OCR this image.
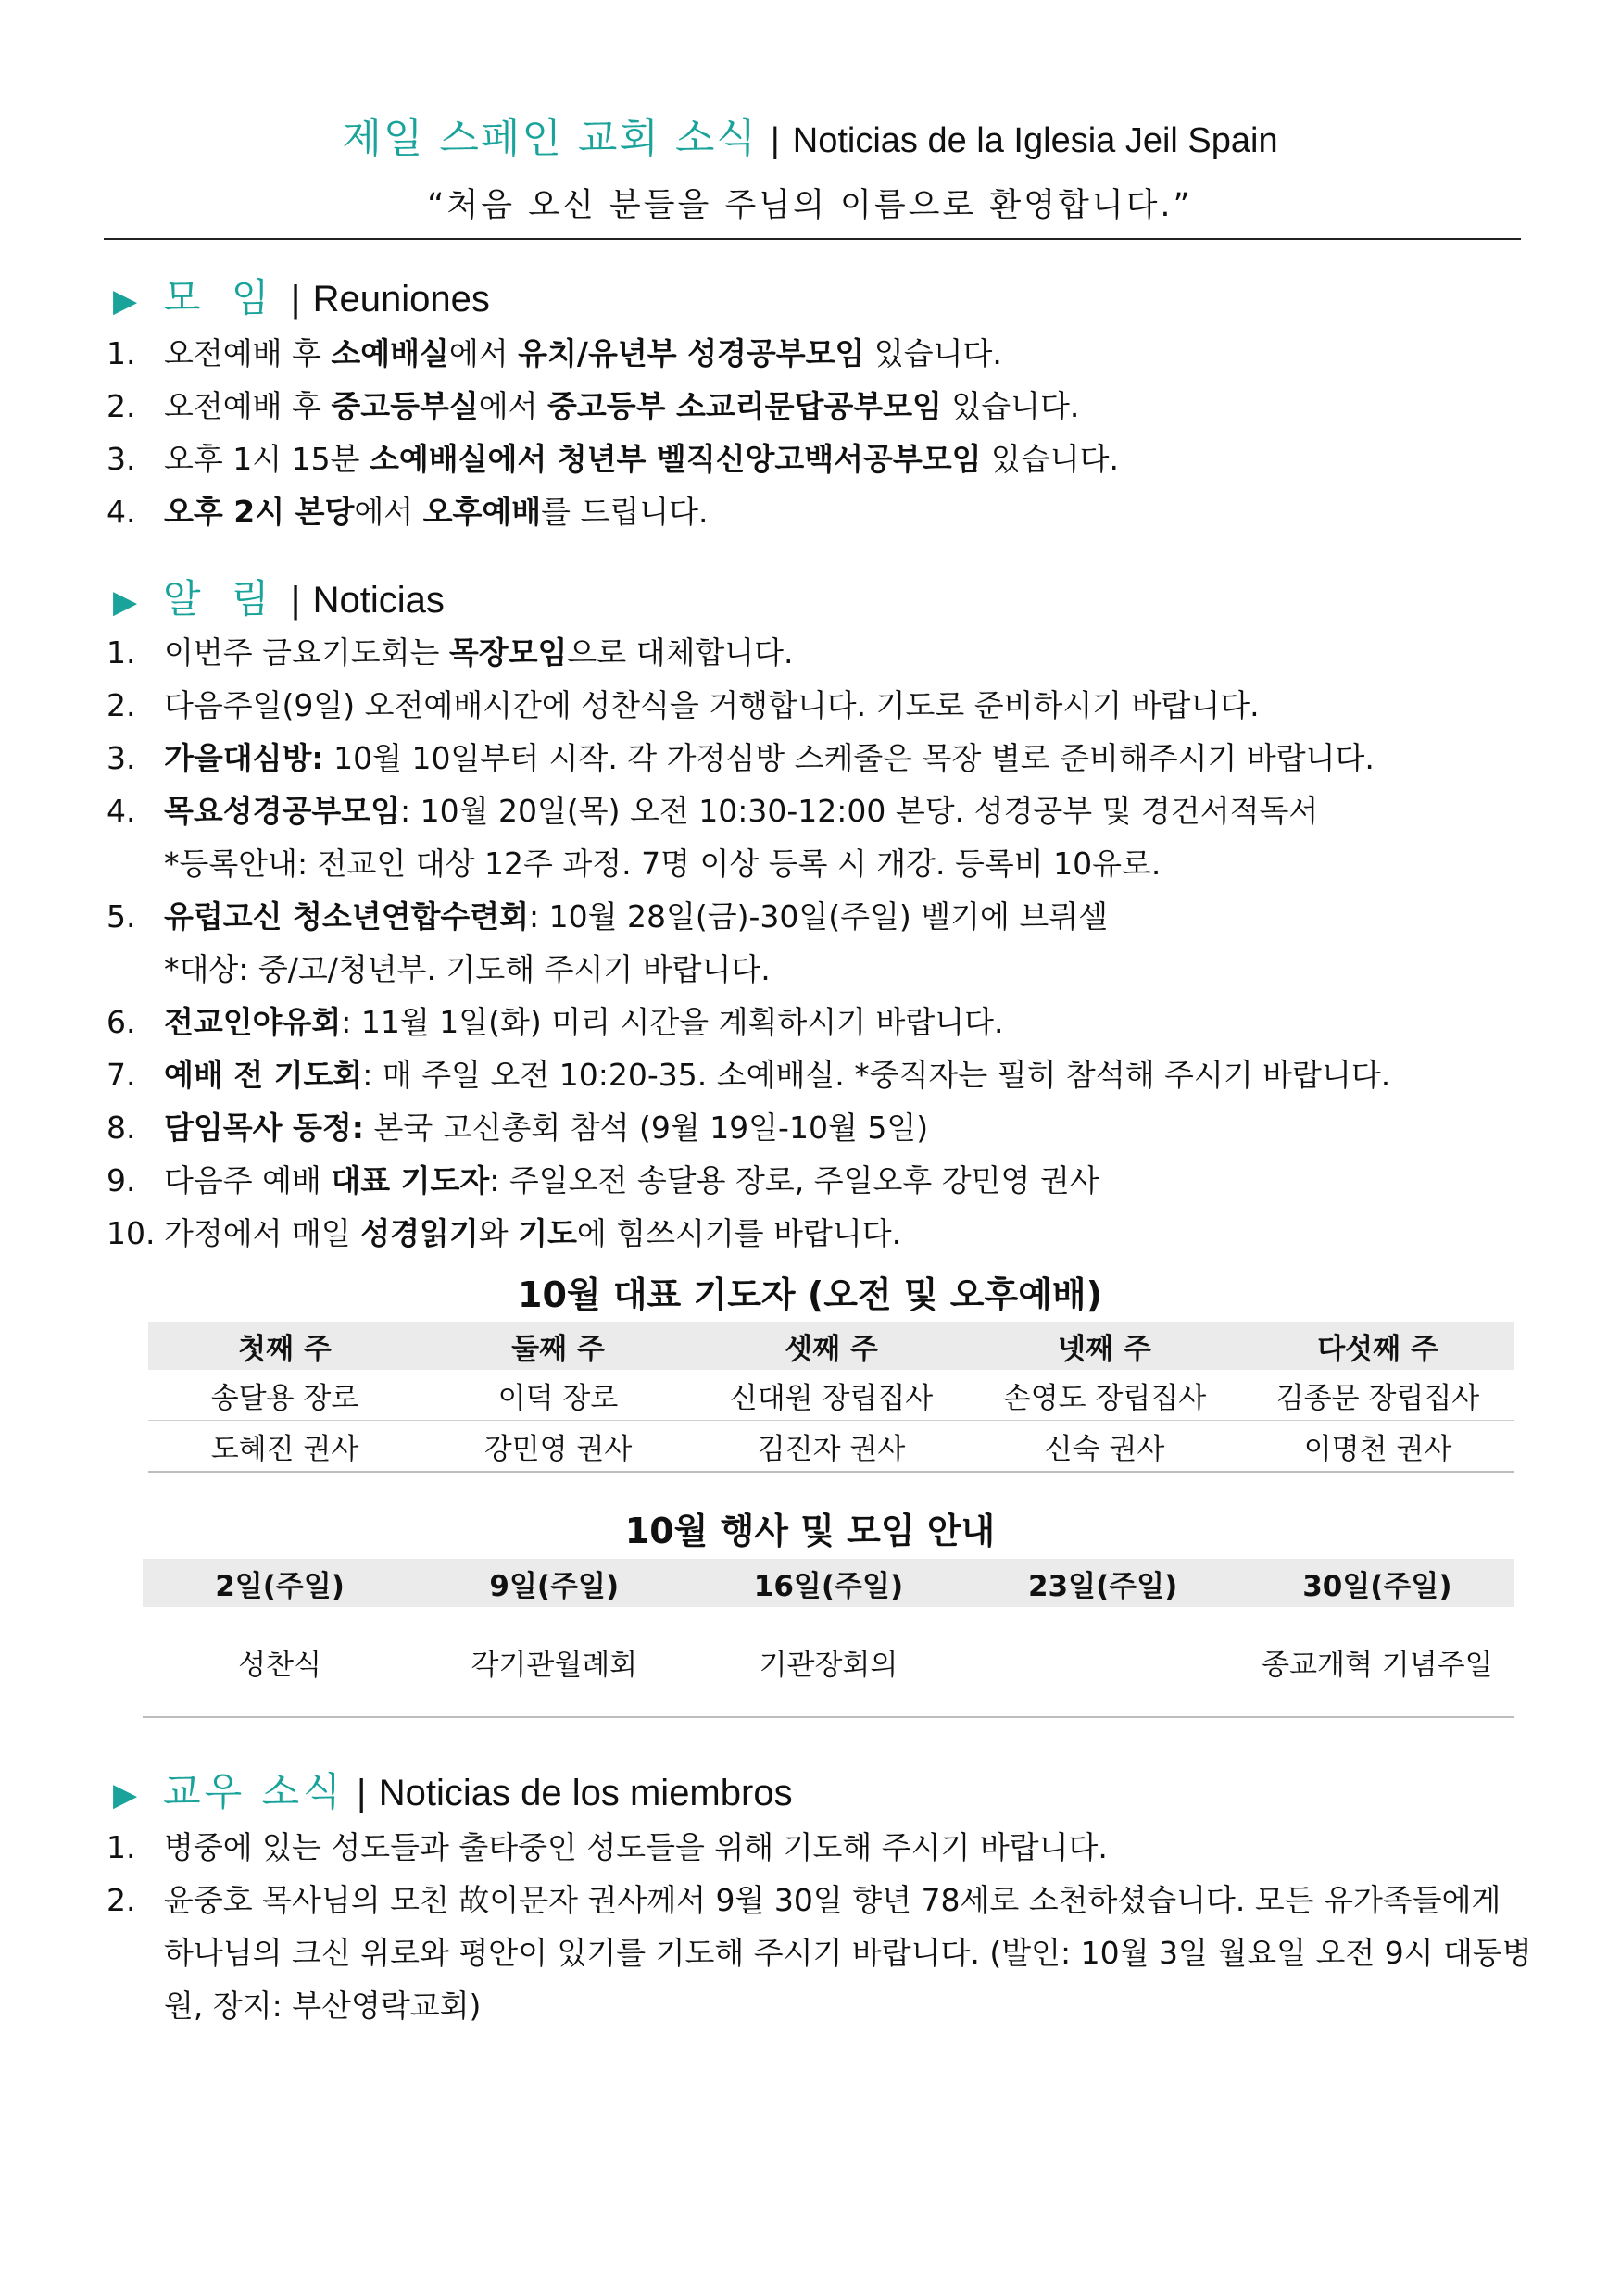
제일 스페인 교회 소식 | Noticias de la Iglesia Jeil Spain
“처음 오신 분들을 주님의 이름으로 환영합니다.”
▶ 모 임 | Reuniones
1. 오전예배 후 소예배실에서 유치/유년부 성경공부모임 있습니다.
2. 오전예배 후 중고등부실에서 중고등부 소교리문답공부모임 있습니다.
3. 오후 1시 15분 소예배실에서 청년부 벨직신앙고백서공부모임 있습니다.
4. 오후 2시 본당에서 오후예배를 드립니다.
▶ 알 림 | Noticias
1. 이번주 금요기도회는 목장모임으로 대체합니다.
2. 다음주일(9일) 오전예배시간에 성찬식을 거행합니다. 기도로 준비하시기 바랍니다.
3. 가을대심방: 10월 10일부터 시작. 각 가정심방 스케줄은 목장 별로 준비해주시기 바랍니다.
4. 목요성경공부모임: 10월 20일(목) 오전 10:30-12:00 본당. 성경공부 및 경건서적독서
*등록안내: 전교인 대상 12주 과정. 7명 이상 등록 시 개강. 등록비 10유로.
5. 유럽고신 청소년연합수련회: 10월 28일(금)-30일(주일) 벨기에 브뤼셀
*대상: 중/고/청년부. 기도해 주시기 바랍니다.
6. 전교인야유회: 11월 1일(화) 미리 시간을 계획하시기 바랍니다.
7. 예배 전 기도회: 매 주일 오전 10:20-35. 소예배실. *중직자는 필히 참석해 주시기 바랍니다.
8. 담임목사 동정: 본국 고신총회 참석 (9월 19일-10월 5일)
9. 다음주 예배 대표 기도자: 주일오전 송달용 장로, 주일오후 강민영 권사
10. 가정에서 매일 성경읽기와 기도에 힘쓰시기를 바랍니다.
10월 대표 기도자 (오전 및 오후예배)
첫째 주	둘째 주	셋째 주	넷째 주	다섯째 주
송달용 장로	이덕 장로	신대원 장립집사	손영도 장립집사	김종문 장립집사
도혜진 권사	강민영 권사	김진자 권사	신숙 권사	이명천 권사
10월 행사 및 모임 안내
2일(주일)	9일(주일)	16일(주일)	23일(주일)	30일(주일)
성찬식	각기관월례회	기관장회의		종교개혁 기념주일
▶ 교우 소식 | Noticias de los miembros
1. 병중에 있는 성도들과 출타중인 성도들을 위해 기도해 주시기 바랍니다.
2. 윤중호 목사님의 모친 故이문자 권사께서 9월 30일 향년 78세로 소천하셨습니다. 모든 유가족들에게 하나님의 크신 위로와 평안이 있기를 기도해 주시기 바랍니다. (발인: 10월 3일 월요일 오전 9시 대동병원, 장지: 부산영락교회)
